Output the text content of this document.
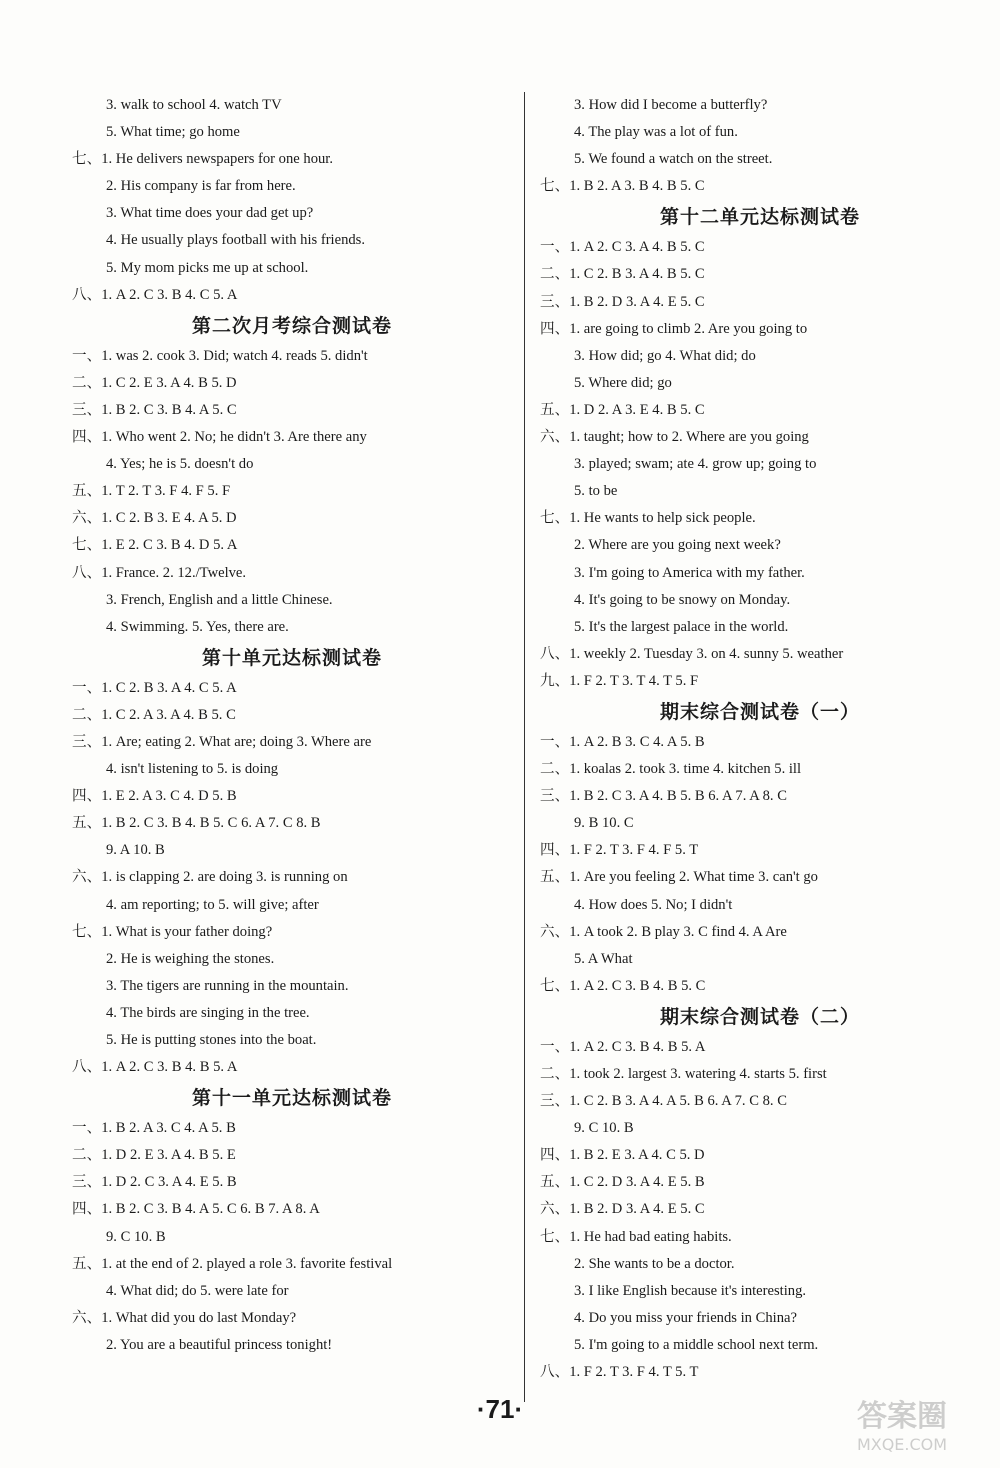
3. walk to school 4. watch TV
5. What time; go home
七、1. He delivers newspapers for one hour.
2. His company is far from here.
3. What time does your dad get up?
4. He usually plays football with his friends.
5. My mom picks me up at school.
八、1. A 2. C 3. B 4. C 5. A
第二次月考综合测试卷
一、1. was 2. cook 3. Did; watch 4. reads 5. didn't
二、1. C 2. E 3. A 4. B 5. D
三、1. B 2. C 3. B 4. A 5. C
四、1. Who went 2. No; he didn't 3. Are there any
4. Yes; he is 5. doesn't do
五、1. T 2. T 3. F 4. F 5. F
六、1. C 2. B 3. E 4. A 5. D
七、1. E 2. C 3. B 4. D 5. A
八、1. France. 2. 12./Twelve.
3. French, English and a little Chinese.
4. Swimming. 5. Yes, there are.
第十单元达标测试卷
一、1. C 2. B 3. A 4. C 5. A
二、1. C 2. A 3. A 4. B 5. C
三、1. Are; eating 2. What are; doing 3. Where are
4. isn't listening to 5. is doing
四、1. E 2. A 3. C 4. D 5. B
五、1. B 2. C 3. B 4. B 5. C 6. A 7. C 8. B
9. A 10. B
六、1. is clapping 2. are doing 3. is running on
4. am reporting; to 5. will give; after
七、1. What is your father doing?
2. He is weighing the stones.
3. The tigers are running in the mountain.
4. The birds are singing in the tree.
5. He is putting stones into the boat.
八、1. A 2. C 3. B 4. B 5. A
第十一单元达标测试卷
一、1. B 2. A 3. C 4. A 5. B
二、1. D 2. E 3. A 4. B 5. E
三、1. D 2. C 3. A 4. E 5. B
四、1. B 2. C 3. B 4. A 5. C 6. B 7. A 8. A
9. C 10. B
五、1. at the end of 2. played a role 3. favorite festival
4. What did; do 5. were late for
六、1. What did you do last Monday?
2. You are a beautiful princess tonight!
3. How did I become a butterfly?
4. The play was a lot of fun.
5. We found a watch on the street.
七、1. B 2. A 3. B 4. B 5. C
第十二单元达标测试卷
一、1. A 2. C 3. A 4. B 5. C
二、1. C 2. B 3. A 4. B 5. C
三、1. B 2. D 3. A 4. E 5. C
四、1. are going to climb 2. Are you going to
3. How did; go 4. What did; do
5. Where did; go
五、1. D 2. A 3. E 4. B 5. C
六、1. taught; how to 2. Where are you going
3. played; swam; ate 4. grow up; going to
5. to be
七、1. He wants to help sick people.
2. Where are you going next week?
3. I'm going to America with my father.
4. It's going to be snowy on Monday.
5. It's the largest palace in the world.
八、1. weekly 2. Tuesday 3. on 4. sunny 5. weather
九、1. F 2. T 3. T 4. T 5. F
期末综合测试卷（一）
一、1. A 2. B 3. C 4. A 5. B
二、1. koalas 2. took 3. time 4. kitchen 5. ill
三、1. B 2. C 3. A 4. B 5. B 6. A 7. A 8. C
9. B 10. C
四、1. F 2. T 3. F 4. F 5. T
五、1. Are you feeling 2. What time 3. can't go
4. How does 5. No; I didn't
六、1. A took 2. B play 3. C find 4. A Are
5. A What
七、1. A 2. C 3. B 4. B 5. C
期末综合测试卷（二）
一、1. A 2. C 3. B 4. B 5. A
二、1. took 2. largest 3. watering 4. starts 5. first
三、1. C 2. B 3. A 4. A 5. B 6. A 7. C 8. C
9. C 10. B
四、1. B 2. E 3. A 4. C 5. D
五、1. C 2. D 3. A 4. E 5. B
六、1. B 2. D 3. A 4. E 5. C
七、1. He had bad eating habits.
2. She wants to be a doctor.
3. I like English because it's interesting.
4. Do you miss your friends in China?
5. I'm going to a middle school next term.
八、1. F 2. T 3. F 4. T 5. T
·71·	答案圈
MXQE.COM
